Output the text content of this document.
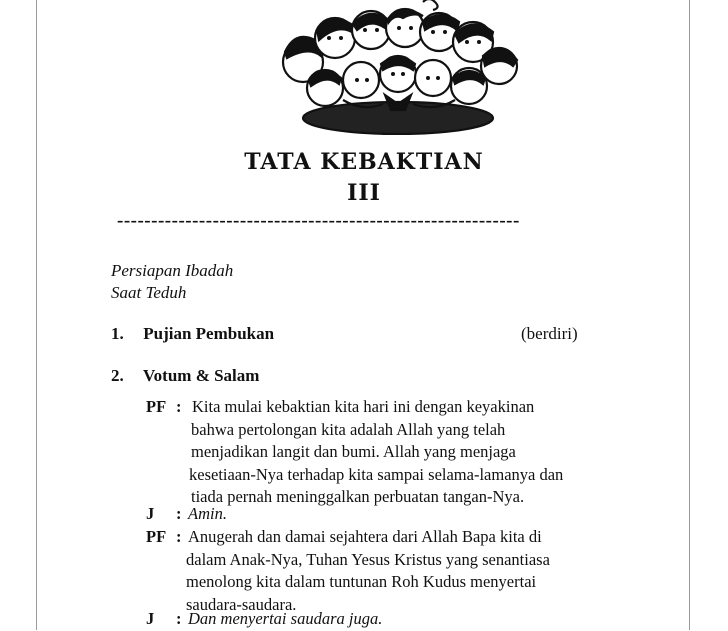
TATA KEBAKTIAN
III
-----------------------------------------------------------
Persiapan Ibadah
Saat Teduh
1. Pujian Pembukan	(berdiri)
2. Votum & Salam
PF : Kita mulai kebaktian kita hari ini dengan keyakinan
bahwa pertolongan kita adalah Allah yang telah
menjadikan langit dan bumi. Allah yang menjaga
kesetiaan-Nya terhadap kita sampai selama-lamanya dan
tiada pernah meninggalkan perbuatan tangan-Nya.
J : Amin.
PF : Anugerah dan damai sejahtera dari Allah Bapa kita di
dalam Anak-Nya, Tuhan Yesus Kristus yang senantiasa
menolong kita dalam tuntunan Roh Kudus menyertai
saudara-saudara.
J : Dan menyertai saudara juga.
